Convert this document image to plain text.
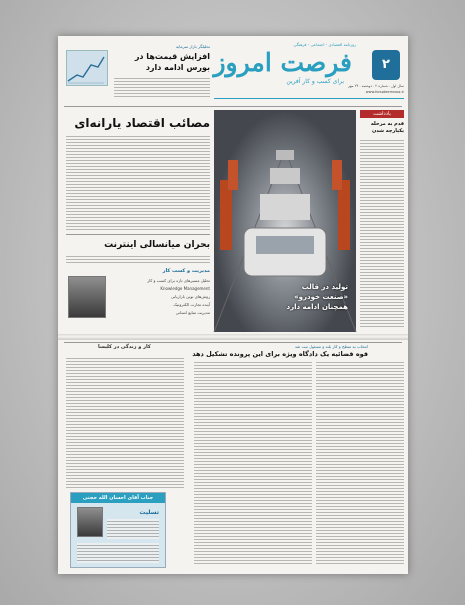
روزنامه اقتصادی - اجتماعی - فرهنگی
فرصت امروز
برای کسب و کار آفرین
۲
سال اول . شماره ۲ . دوشنبه . ۲۴ مهر
www.forsateemrooz.ir
تحلیلگر بازار سرمایه
افزایش قیمت‌ها در بورس ادامه دارد
یادداشت
قدم به مرحله یکپارچه شدن
مصائب اقتصاد یارانه‌ای
بحران میانسالی اینترنت
مدیریت و کسب کار
تحلیل مسیرهای تازه برای کسب و کار
Knowledge Management
روش‌های نوین بازاریابی
آینده تجارت الکترونیک
مدیریت منابع انسانی
تولید در قالب «صنعت خودرو» همچنان ادامه دارد
کار و زندگی در کلیسا	انتخاب به سطح و کار بلند و مسئول ثبت شد
قوه قضائیه یک دادگاه ویژه برای این پرونده تشکیل دهد
جناب آقای احسان الله حجتی
تسلیت
